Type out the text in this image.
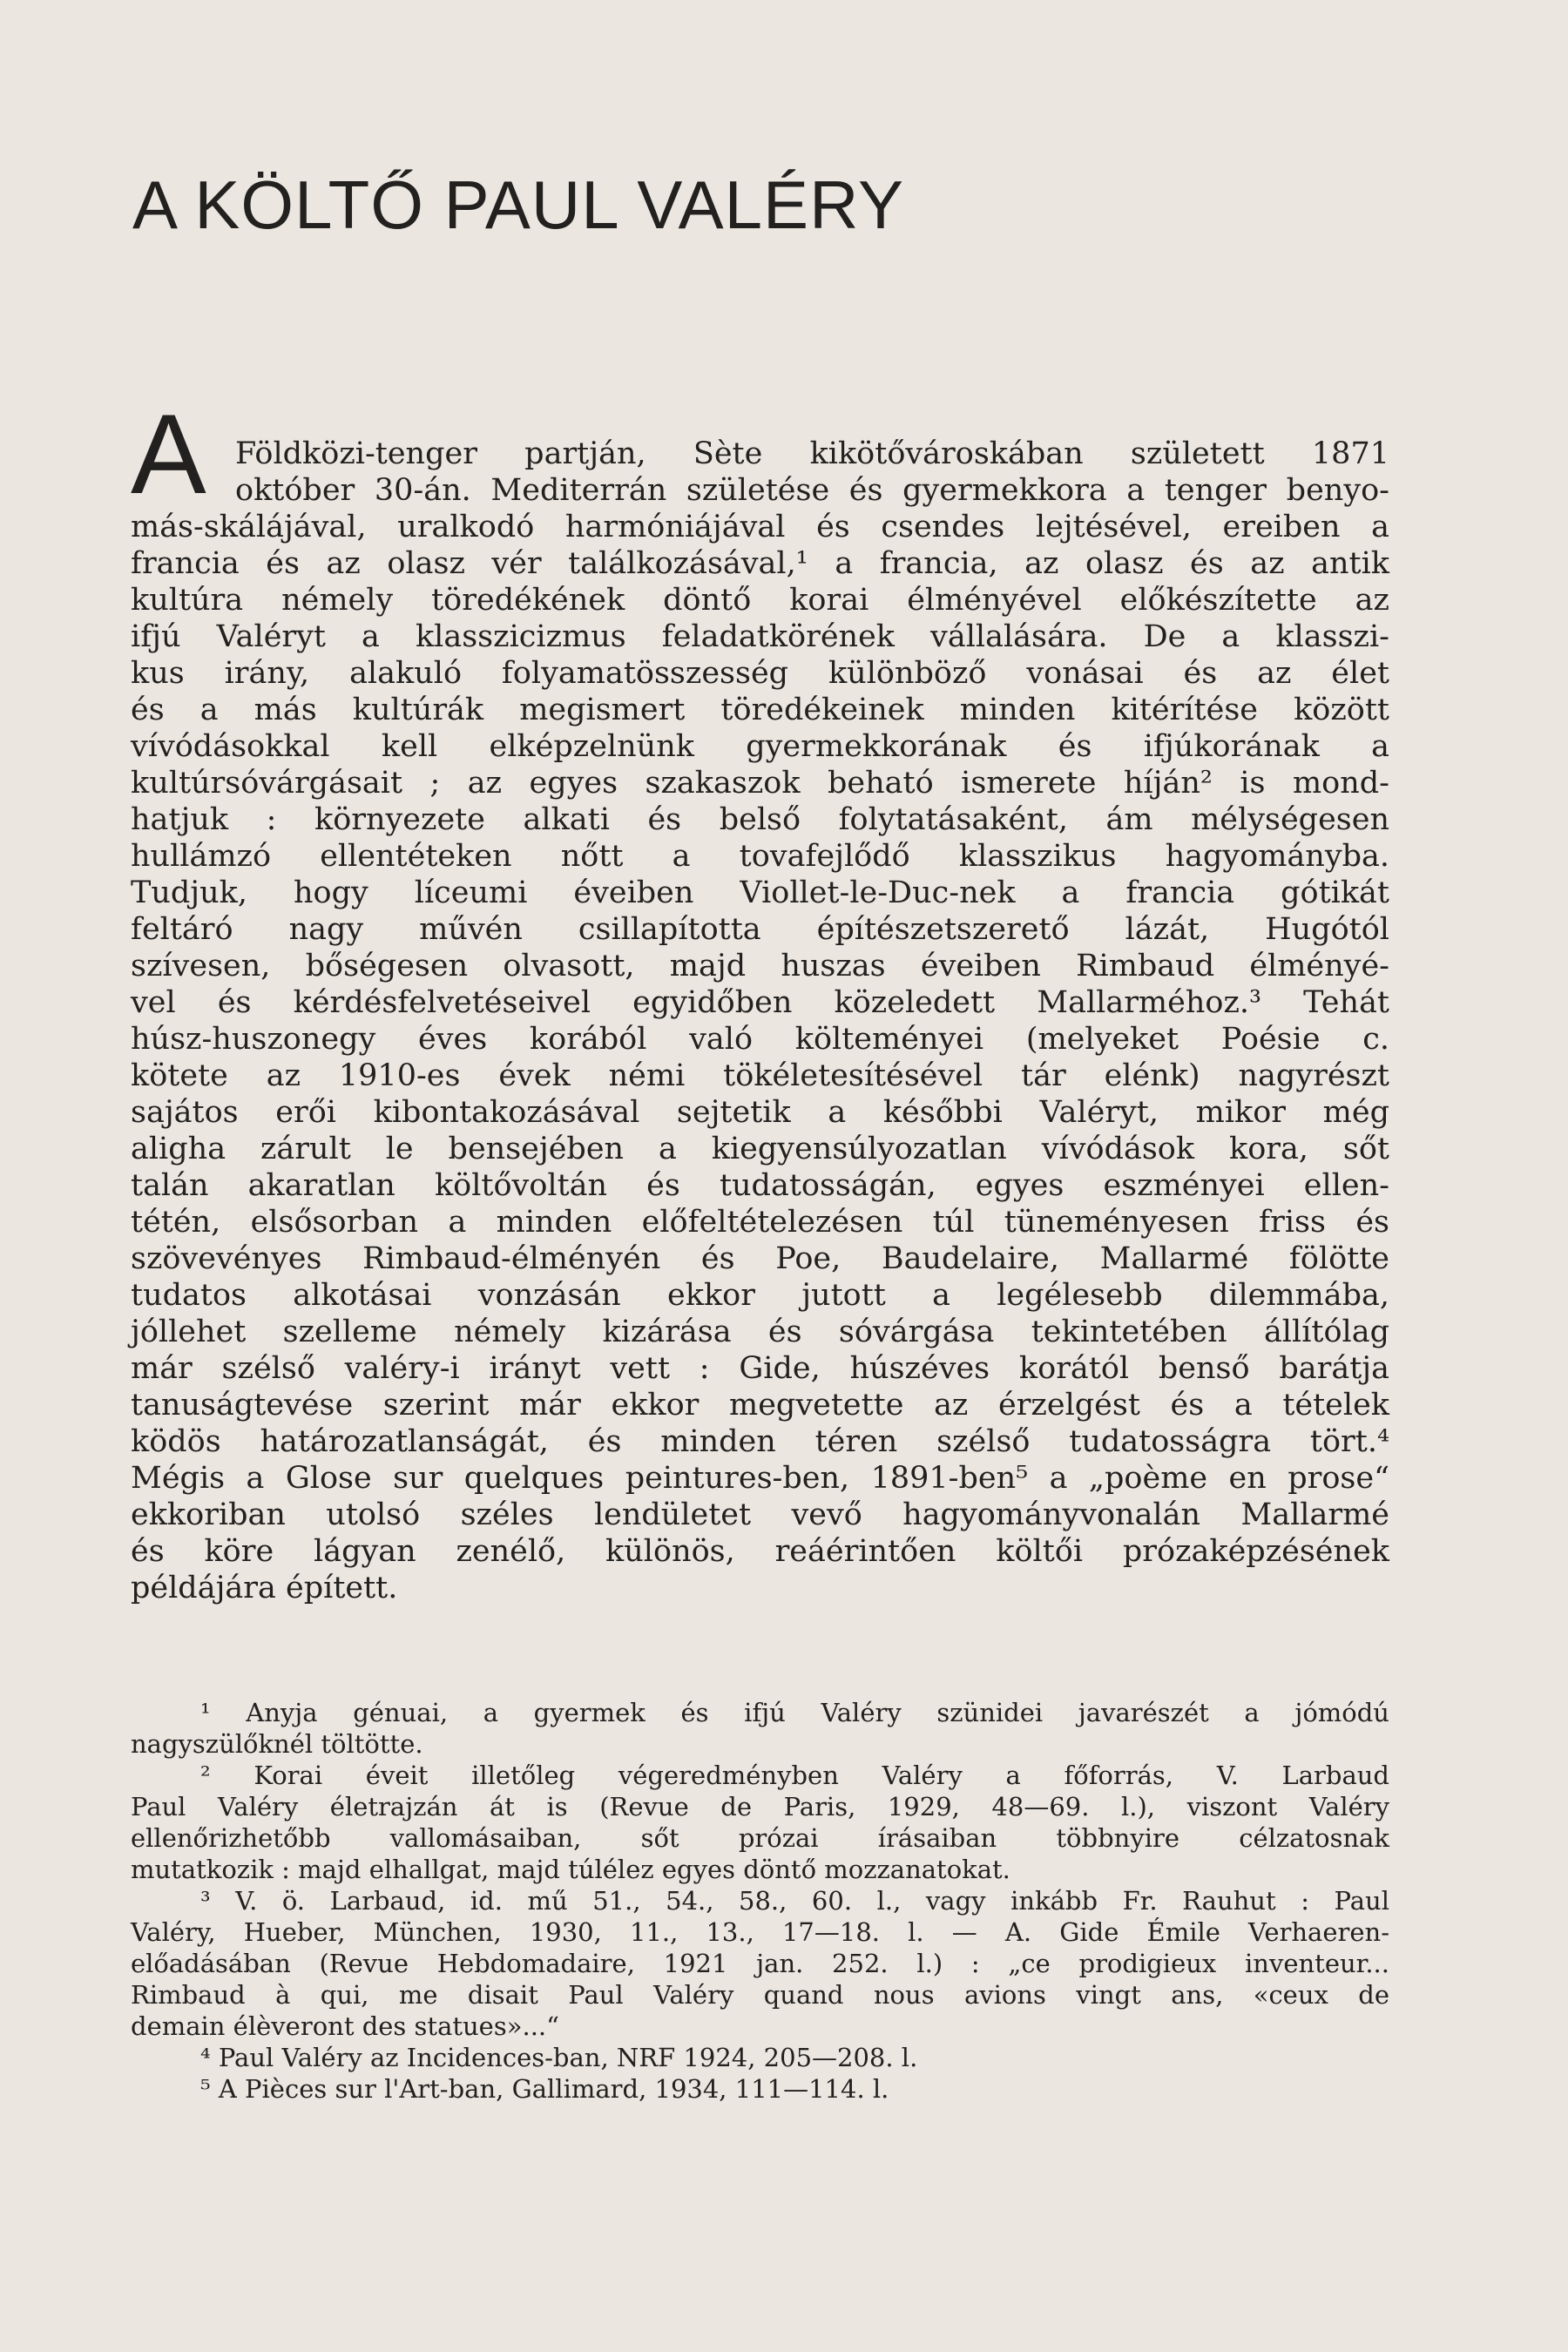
A KÖLTŐ PAUL VALÉRY
A Földközi-tenger partján, Sète kikötővároskában született 1871
október 30-án. Mediterrán születése és gyermekkora a tenger benyo-
más-skálájával, uralkodó harmóniájával és csendes lejtésével, ereiben a
francia és az olasz vér találkozásával,¹ a francia, az olasz és az antik
kultúra némely töredékének döntő korai élményével előkészítette az
ifjú Valéryt a klasszicizmus feladatkörének vállalására. De a klasszi-
kus irány, alakuló folyamatösszesség különböző vonásai és az élet
és a más kultúrák megismert töredékeinek minden kitérítése között
vívódásokkal kell elképzelnünk gyermekkorának és ifjúkorának a
kultúrsóvárgásait ; az egyes szakaszok beható ismerete híján² is mond-
hatjuk : környezete alkati és belső folytatásaként, ám mélységesen
hullámzó ellentéteken nőtt a tovafejlődő klasszikus hagyományba.
Tudjuk, hogy líceumi éveiben Viollet-le-Duc-nek a francia gótikát
feltáró nagy művén csillapította építészetszerető lázát, Hugótól
szívesen, bőségesen olvasott, majd huszas éveiben Rimbaud élményé-
vel és kérdésfelvetéseivel egyidőben közeledett Mallarméhoz.³ Tehát
húsz-huszonegy éves korából való költeményei (melyeket Poésie c.
kötete az 1910-es évek némi tökéletesítésével tár elénk) nagyrészt
sajátos erői kibontakozásával sejtetik a későbbi Valéryt, mikor még
aligha zárult le bensejében a kiegyensúlyozatlan vívódások kora, sőt
talán akaratlan költővoltán és tudatosságán, egyes eszményei ellen-
tétén, elsősorban a minden előfeltételezésen túl tüneményesen friss és
szövevényes Rimbaud-élményén és Poe, Baudelaire, Mallarmé fölötte
tudatos alkotásai vonzásán ekkor jutott a legélesebb dilemmába,
jóllehet szelleme némely kizárása és sóvárgása tekintetében állítólag
már szélső valéry-i irányt vett : Gide, húszéves korától benső barátja
tanuságtevése szerint már ekkor megvetette az érzelgést és a tételek
ködös határozatlanságát, és minden téren szélső tudatosságra tört.⁴
Mégis a Glose sur quelques peintures-ben, 1891-ben⁵ a „poème en prose“
ekkoriban utolsó széles lendületet vevő hagyományvonalán Mallarmé
és köre lágyan zenélő, különös, reáérintően költői prózaképzésének
példájára épített.
¹ Anyja génuai, a gyermek és ifjú Valéry szünidei javarészét a jómódú
nagyszülőknél töltötte.
² Korai éveit illetőleg végeredményben Valéry a főforrás, V. Larbaud
Paul Valéry életrajzán át is (Revue de Paris, 1929, 48—69. l.), viszont Valéry
ellenőrizhetőbb vallomásaiban, sőt prózai írásaiban többnyire célzatosnak
mutatkozik : majd elhallgat, majd túlélez egyes döntő mozzanatokat.
³ V. ö. Larbaud, id. mű 51., 54., 58., 60. l., vagy inkább Fr. Rauhut : Paul
Valéry, Hueber, München, 1930, 11., 13., 17—18. l. — A. Gide Émile Verhaeren-
előadásában (Revue Hebdomadaire, 1921 jan. 252. l.) : „ce prodigieux inventeur...
Rimbaud à qui, me disait Paul Valéry quand nous avions vingt ans, «ceux de
demain élèveront des statues»...“
⁴ Paul Valéry az Incidences-ban, NRF 1924, 205—208. l.
⁵ A Pièces sur l'Art-ban, Gallimard, 1934, 111—114. l.
